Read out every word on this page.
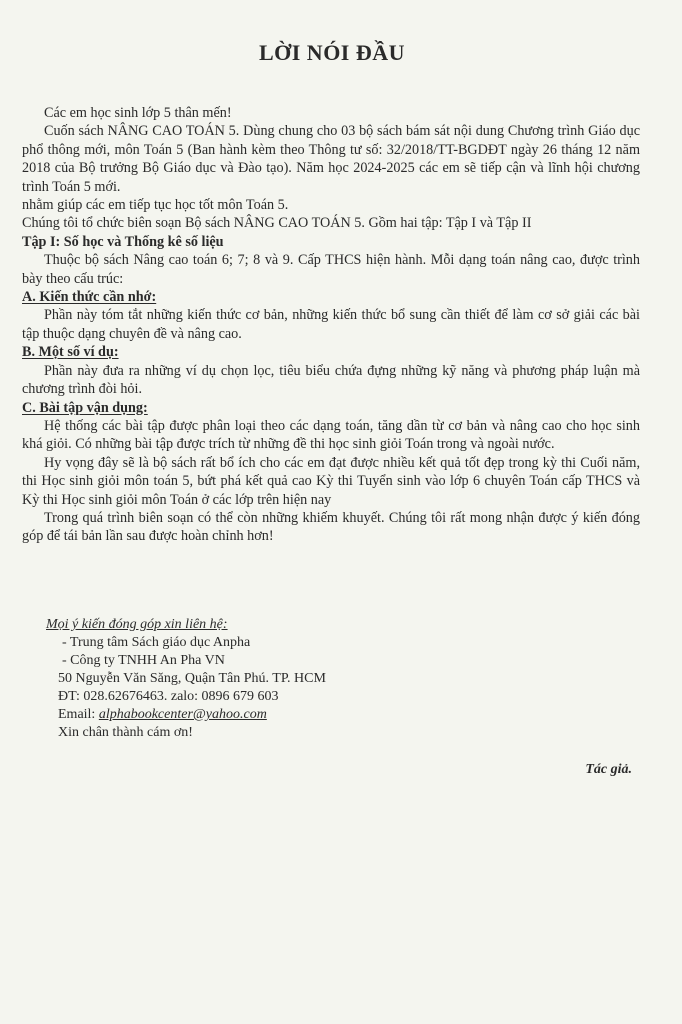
LỜI NÓI ĐẦU

Các em học sinh lớp 5 thân mến!

Cuốn sách NÂNG CAO TOÁN 5. Dùng chung cho 03 bộ sách bám sát nội dung Chương trình Giáo dục phổ thông mới, môn Toán 5 (Ban hành kèm theo Thông tư số: 32/2018/TT-BGDĐT ngày 26 tháng 12 năm 2018 của Bộ trưởng Bộ Giáo dục và Đào tạo). Năm học 2024-2025 các em sẽ tiếp cận và lĩnh hội chương trình Toán 5 mới.

nhằm giúp các em tiếp tục học tốt môn Toán 5.

Chúng tôi tổ chức biên soạn Bộ sách NÂNG CAO TOÁN 5. Gồm hai tập: Tập I và Tập II

Tập I: Số học và Thống kê số liệu

Thuộc bộ sách Nâng cao toán 6; 7; 8 và 9. Cấp THCS hiện hành. Mỗi dạng toán nâng cao, được trình bày theo cấu trúc:

A. Kiến thức cần nhớ:

Phần này tóm tắt những kiến thức cơ bản, những kiến thức bổ sung cần thiết để làm cơ sở giải các bài tập thuộc dạng chuyên đề và nâng cao.

B. Một số ví dụ:

Phần này đưa ra những ví dụ chọn lọc, tiêu biểu chứa đựng những kỹ năng và phương pháp luận mà chương trình đòi hỏi.

C. Bài tập vận dụng:

Hệ thống các bài tập được phân loại theo các dạng toán, tăng dần từ cơ bản và nâng cao cho học sinh khá giỏi. Có những bài tập được trích từ những đề thi học sinh giỏi Toán trong và ngoài nước.

Hy vọng đây sẽ là bộ sách rất bổ ích cho các em đạt được nhiều kết quả tốt đẹp trong kỳ thi Cuối năm, thi Học sinh giỏi môn toán 5, bứt phá kết quả cao Kỳ thi Tuyển sinh vào lớp 6 chuyên Toán cấp THCS và Kỳ thi Học sinh giỏi môn Toán ở các lớp trên hiện nay

Trong quá trình biên soạn có thể còn những khiếm khuyết. Chúng tôi rất mong nhận được ý kiến đóng góp để tái bản lần sau được hoàn chỉnh hơn!

Mọi ý kiến đóng góp xin liên hệ:
- Trung tâm Sách giáo dục Anpha
- Công ty TNHH An Pha VN
50 Nguyễn Văn Săng, Quận Tân Phú. TP. HCM
ĐT: 028.62676463. zalo: 0896 679 603
Email: alphabookcenter@yahoo.com
Xin chân thành cám ơn!
Tác giả.
